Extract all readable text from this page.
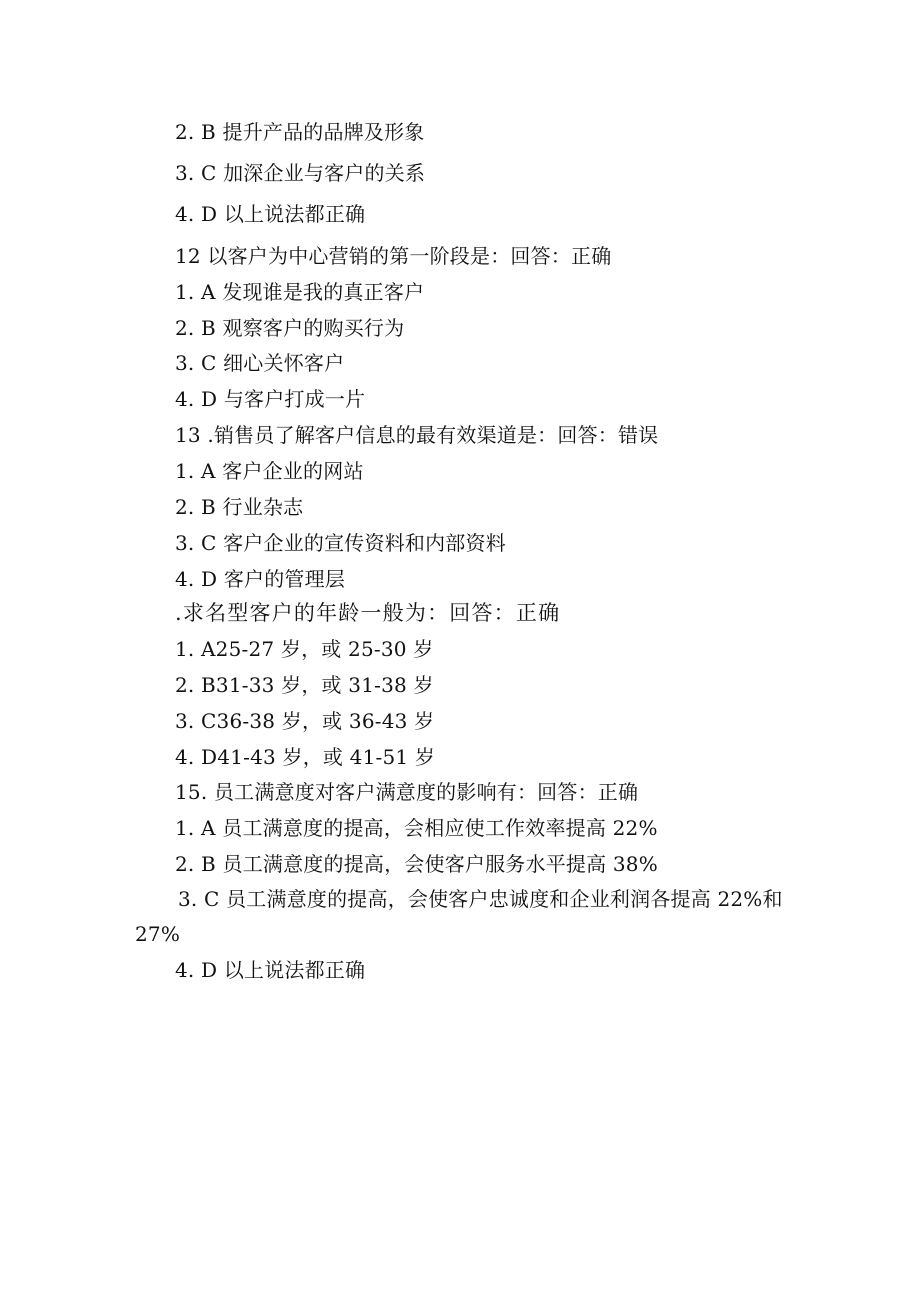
2. B 提升产品的品牌及形象
3. C 加深企业与客户的关系
4. D 以上说法都正确
12 以客户为中心营销的第一阶段是：回答：正确
1. A 发现谁是我的真正客户
2. B 观察客户的购买行为
3. C 细心关怀客户
4. D 与客户打成一片
13 .销售员了解客户信息的最有效渠道是：回答：错误
1. A 客户企业的网站
2. B 行业杂志
3. C 客户企业的宣传资料和内部资料
4. D 客户的管理层
.求名型客户的年龄一般为：回答：正确
1. A25-27 岁，或 25-30 岁
2. B31-33 岁，或 31-38 岁
3. C36-38 岁，或 36-43 岁
4. D41-43 岁，或 41-51 岁
15. 员工满意度对客户满意度的影响有：回答：正确
1. A 员工满意度的提高，会相应使工作效率提高 22%
2. B 员工满意度的提高，会使客户服务水平提高 38%
3. C 员工满意度的提高，会使客户忠诚度和企业利润各提高 22%和
27%
4. D 以上说法都正确
